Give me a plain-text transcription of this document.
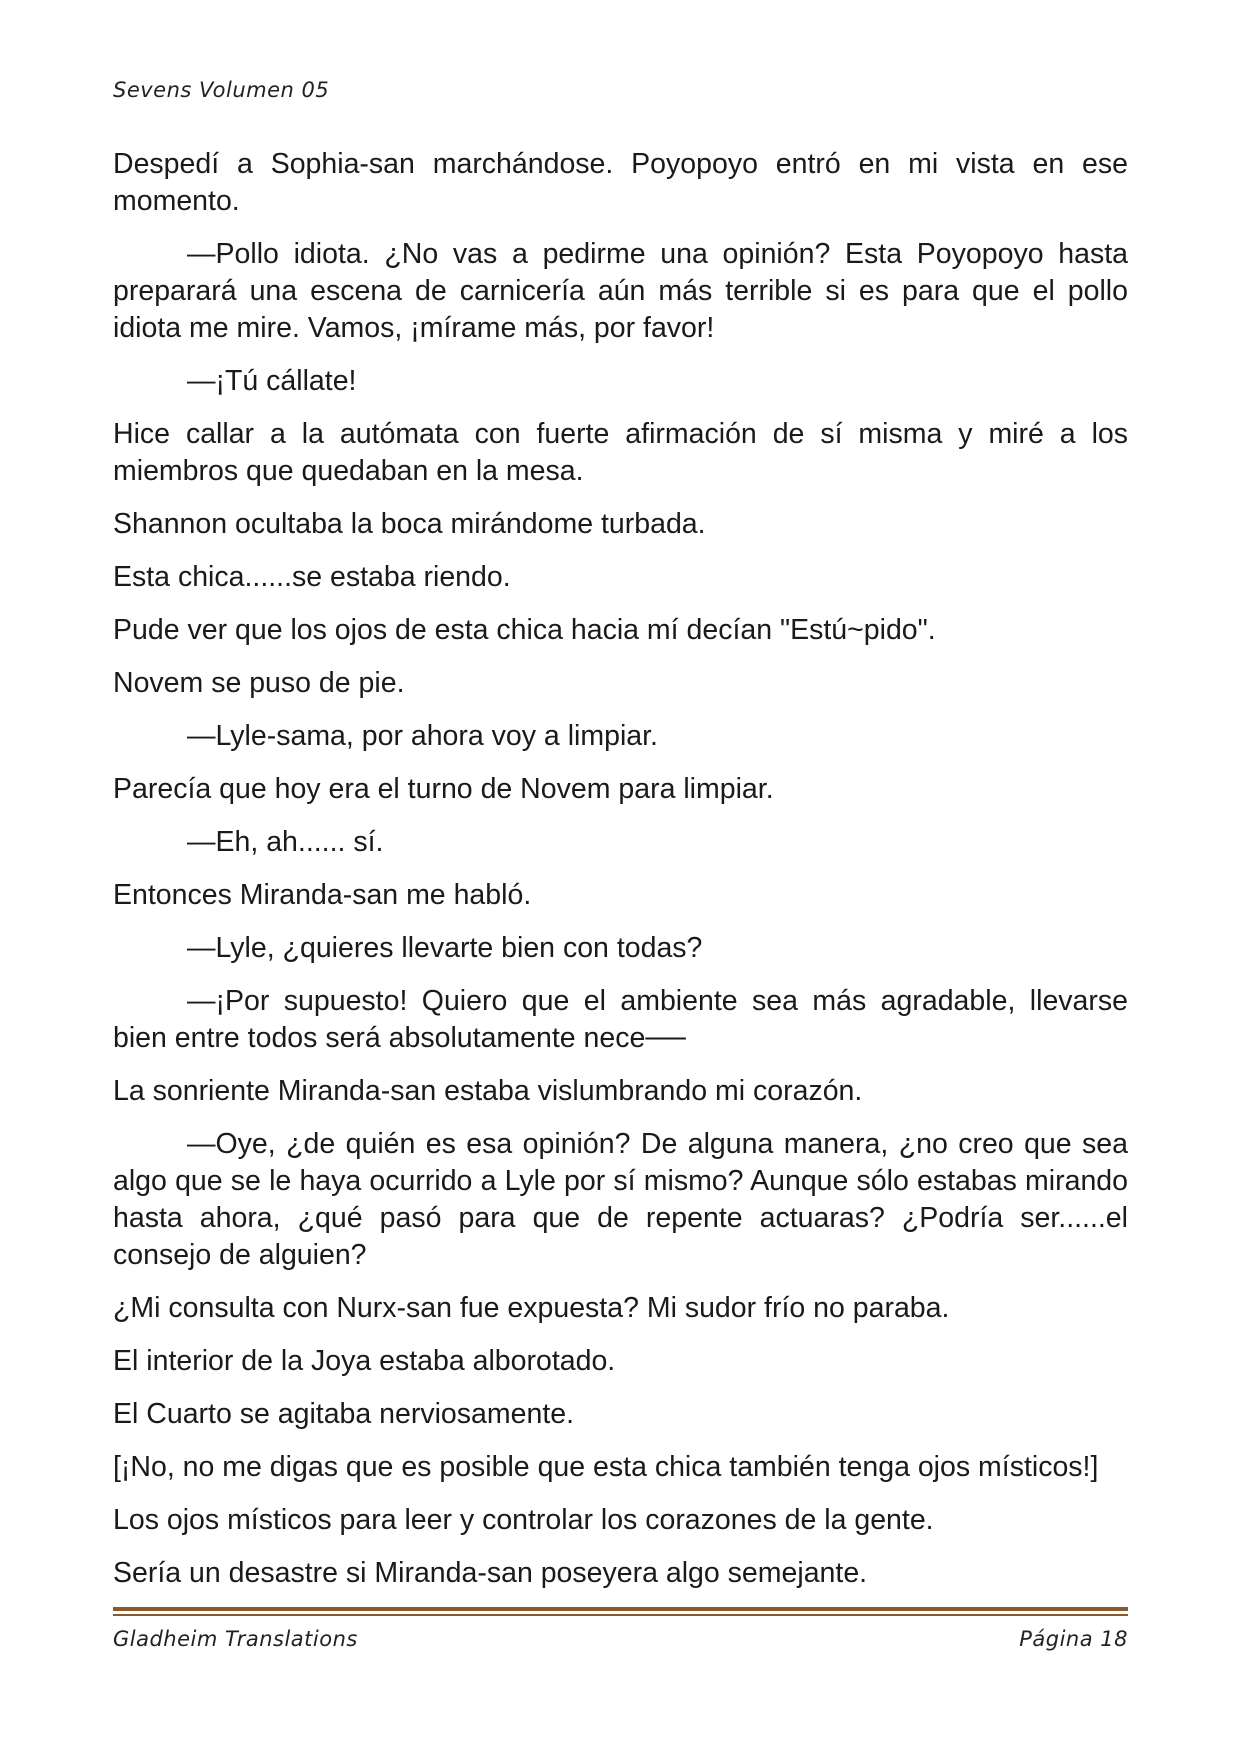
Sevens Volumen 05

Despedí a Sophia-san marchándose. Poyopoyo entró en mi vista en ese momento.

—Pollo idiota. ¿No vas a pedirme una opinión? Esta Poyopoyo hasta preparará una escena de carnicería aún más terrible si es para que el pollo idiota me mire. Vamos, ¡mírame más, por favor!

—¡Tú cállate!

Hice callar a la autómata con fuerte afirmación de sí misma y miré a los miembros que quedaban en la mesa.

Shannon ocultaba la boca mirándome turbada.

Esta chica......se estaba riendo.

Pude ver que los ojos de esta chica hacia mí decían "Estú~pido".

Novem se puso de pie.

—Lyle-sama, por ahora voy a limpiar.

Parecía que hoy era el turno de Novem para limpiar.

—Eh, ah...... sí.

Entonces Miranda-san me habló.

—Lyle, ¿quieres llevarte bien con todas?

—¡Por supuesto! Quiero que el ambiente sea más agradable, llevarse bien entre todos será absolutamente nece──

La sonriente Miranda-san estaba vislumbrando mi corazón.

—Oye, ¿de quién es esa opinión? De alguna manera, ¿no creo que sea algo que se le haya ocurrido a Lyle por sí mismo? Aunque sólo estabas mirando hasta ahora, ¿qué pasó para que de repente actuaras? ¿Podría ser......el consejo de alguien?

¿Mi consulta con Nurx-san fue expuesta? Mi sudor frío no paraba.

El interior de la Joya estaba alborotado.

El Cuarto se agitaba nerviosamente.

[¡No, no me digas que es posible que esta chica también tenga ojos místicos!]

Los ojos místicos para leer y controlar los corazones de la gente.

Sería un desastre si Miranda-san poseyera algo semejante.

Gladheim Translations	Página 18
